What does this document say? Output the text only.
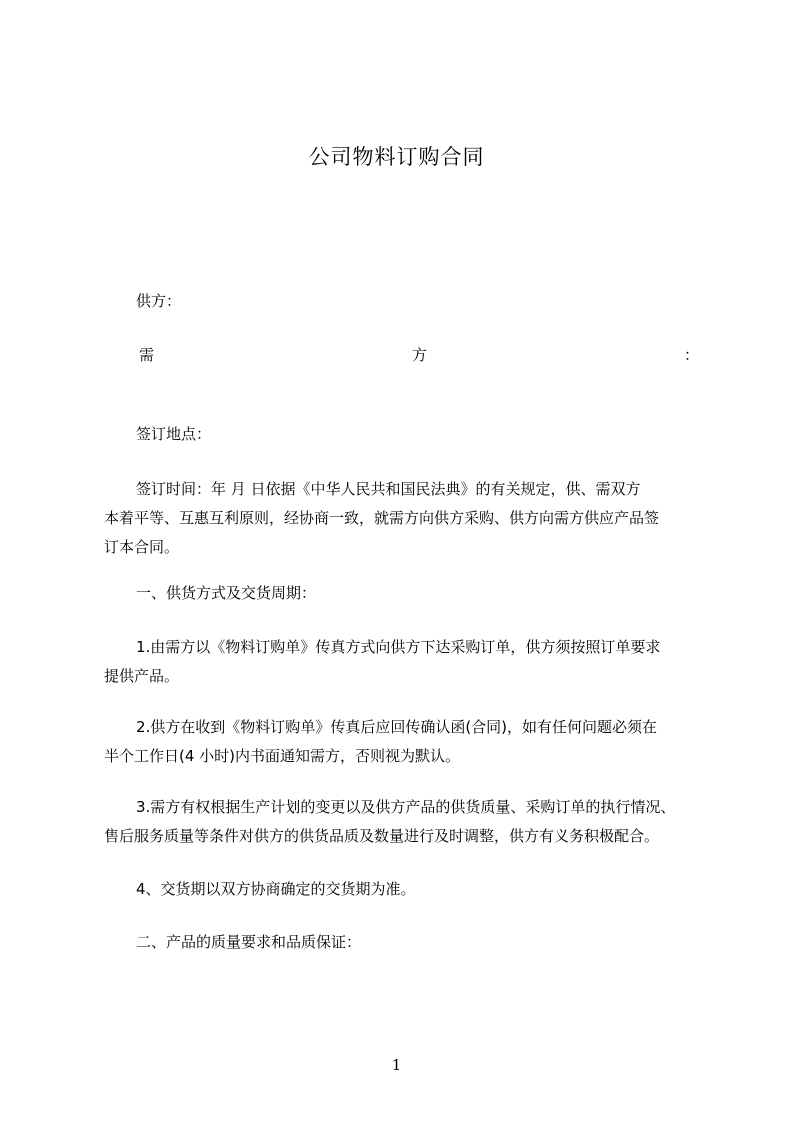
公司物料订购合同
供方：
需	方	：
签订地点：
签订时间：年 月 日依据《中华人民共和国民法典》的有关规定，供、需双方
本着平等、互惠互利原则，经协商一致，就需方向供方采购、供方向需方供应产品签
订本合同。
一、供货方式及交货周期：
1.由需方以《物料订购单》传真方式向供方下达采购订单，供方须按照订单要求
提供产品。
2.供方在收到《物料订购单》传真后应回传确认函(合同)，如有任何问题必须在
半个工作日(4 小时)内书面通知需方，否则视为默认。
3.需方有权根据生产计划的变更以及供方产品的供货质量、采购订单的执行情况、
售后服务质量等条件对供方的供货品质及数量进行及时调整，供方有义务积极配合。
4、交货期以双方协商确定的交货期为准。
二、产品的质量要求和品质保证：
1
